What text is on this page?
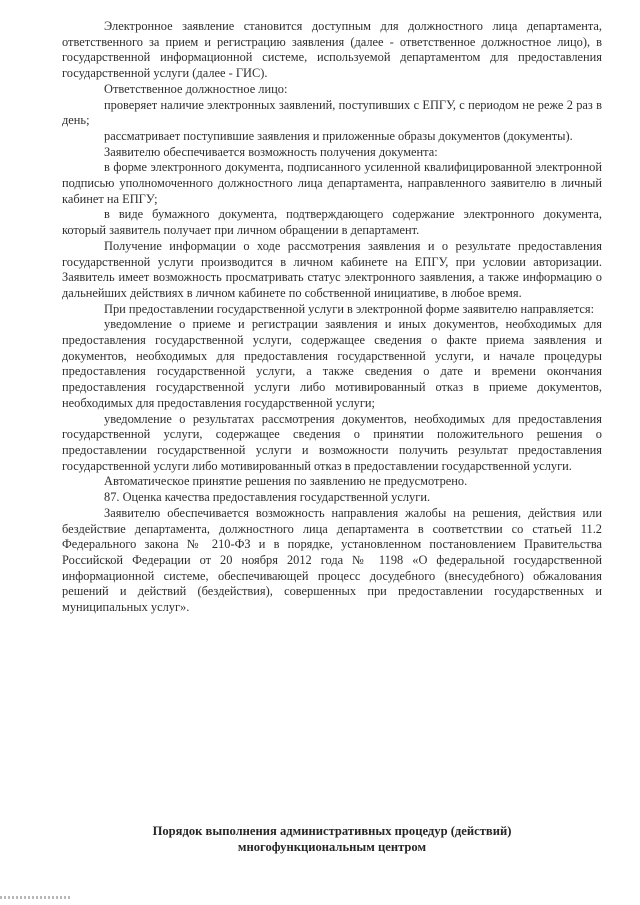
Электронное заявление становится доступным для должностного лица департамента, ответственного за прием и регистрацию заявления (далее - ответственное должностное лицо), в государственной информационной системе, используемой департаментом для предоставления государственной услуги (далее - ГИС).

Ответственное должностное лицо:

проверяет наличие электронных заявлений, поступивших с ЕПГУ, с периодом не реже 2 раз в день;

рассматривает поступившие заявления и приложенные образы документов (документы).

Заявителю обеспечивается возможность получения документа:

в форме электронного документа, подписанного усиленной квалифицированной электронной подписью уполномоченного должностного лица департамента, направленного заявителю в личный кабинет на ЕПГУ;

в виде бумажного документа, подтверждающего содержание электронного документа, который заявитель получает при личном обращении в департамент.

Получение информации о ходе рассмотрения заявления и о результате предоставления государственной услуги производится в личном кабинете на ЕПГУ, при условии авторизации. Заявитель имеет возможность просматривать статус электронного заявления, а также информацию о дальнейших действиях в личном кабинете по собственной инициативе, в любое время.

При предоставлении государственной услуги в электронной форме заявителю направляется:

уведомление о приеме и регистрации заявления и иных документов, необходимых для предоставления государственной услуги, содержащее сведения о факте приема заявления и документов, необходимых для предоставления государственной услуги, и начале процедуры предоставления государственной услуги, а также сведения о дате и времени окончания предоставления государственной услуги либо мотивированный отказ в приеме документов, необходимых для предоставления государственной услуги;

уведомление о результатах рассмотрения документов, необходимых для предоставления государственной услуги, содержащее сведения о принятии положительного решения о предоставлении государственной услуги и возможности получить результат предоставления государственной услуги либо мотивированный отказ в предоставлении государственной услуги.

Автоматическое принятие решения по заявлению не предусмотрено.

87. Оценка качества предоставления государственной услуги.

Заявителю обеспечивается возможность направления жалобы на решения, действия или бездействие департамента, должностного лица департамента в соответствии со статьей 11.2 Федерального закона № 210-ФЗ и в порядке, установленном постановлением Правительства Российской Федерации от 20 ноября 2012 года № 1198 «О федеральной государственной информационной системе, обеспечивающей процесс досудебного (внесудебного) обжалования решений и действий (бездействия), совершенных при предоставлении государственных и муниципальных услуг».

Порядок выполнения административных процедур (действий)
многофункциональным центром
